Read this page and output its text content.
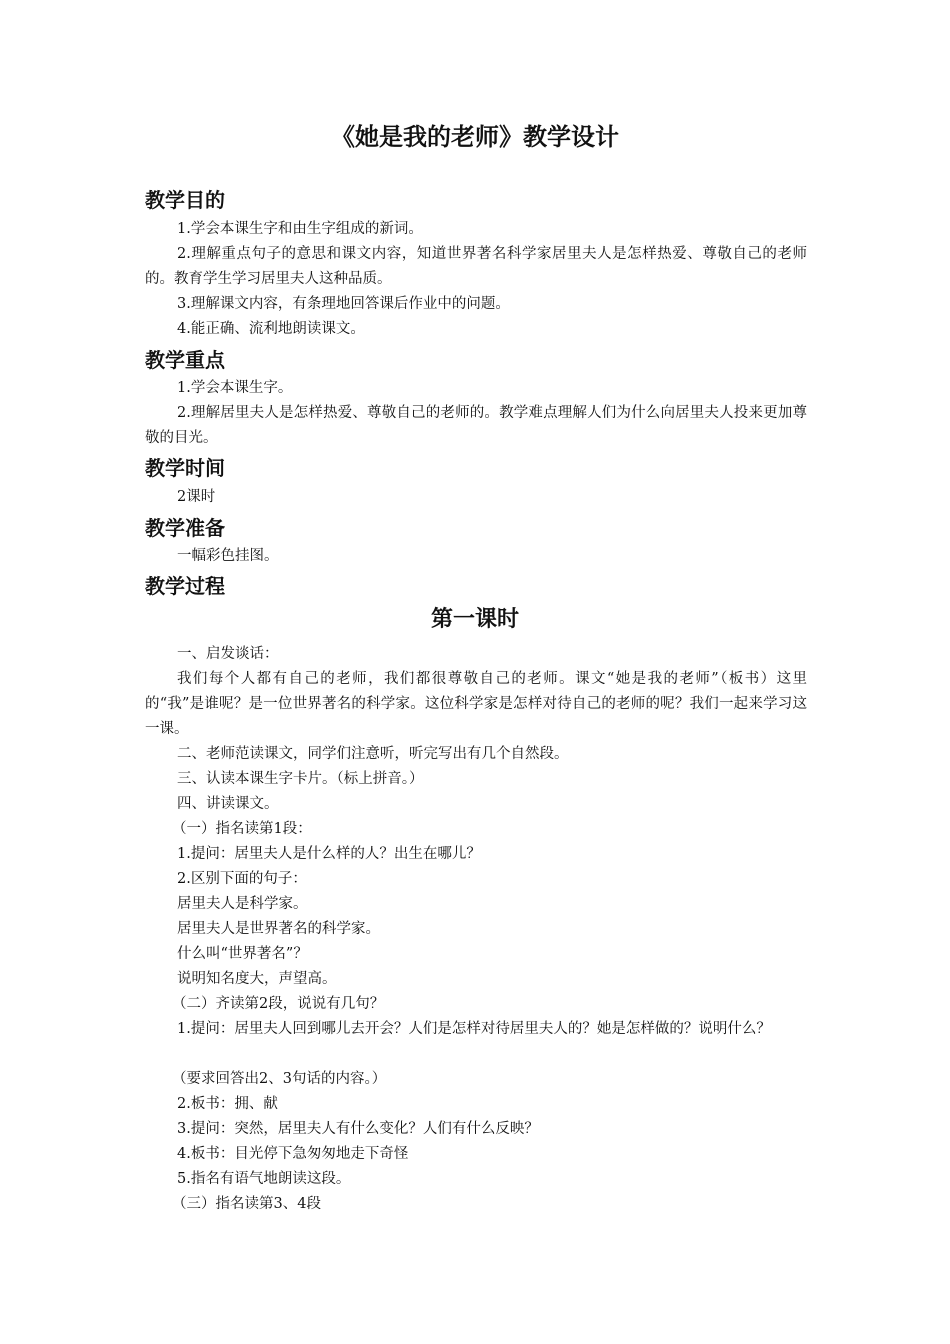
《她是我的老师》教学设计
教学目的

1.学会本课生字和由生字组成的新词。

2.理解重点句子的意思和课文内容，知道世界著名科学家居里夫人是怎样热爱、尊敬自己的老师的。教育学生学习居里夫人这种品质。

3.理解课文内容，有条理地回答课后作业中的问题。

4.能正确、流利地朗读课文。

教学重点

1.学会本课生字。

2.理解居里夫人是怎样热爱、尊敬自己的老师的。教学难点理解人们为什么向居里夫人投来更加尊敬的目光。

教学时间

2课时

教学准备

一幅彩色挂图。

教学过程
第一课时

一、启发谈话：

我们每个人都有自己的老师，我们都很尊敬自己的老师。课文“她是我的老师”（板书）这里的“我”是谁呢？是一位世界著名的科学家。这位科学家是怎样对待自己的老师的呢？我们一起来学习这一课。

二、老师范读课文，同学们注意听，听完写出有几个自然段。

三、认读本课生字卡片。（标上拼音。）

四、讲读课文。

（一）指名读第1段：

1.提问：居里夫人是什么样的人？出生在哪儿？

2.区别下面的句子：

居里夫人是科学家。

居里夫人是世界著名的科学家。

什么叫“世界著名”？

说明知名度大，声望高。

（二）齐读第2段，说说有几句？

1.提问：居里夫人回到哪儿去开会？人们是怎样对待居里夫人的？她是怎样做的？说明什么？

（要求回答出2、3句话的内容。）

2.板书：拥、献

3.提问：突然，居里夫人有什么变化？人们有什么反映？

4.板书：目光停下急匆匆地走下奇怪

5.指名有语气地朗读这段。

（三）指名读第3、4段
